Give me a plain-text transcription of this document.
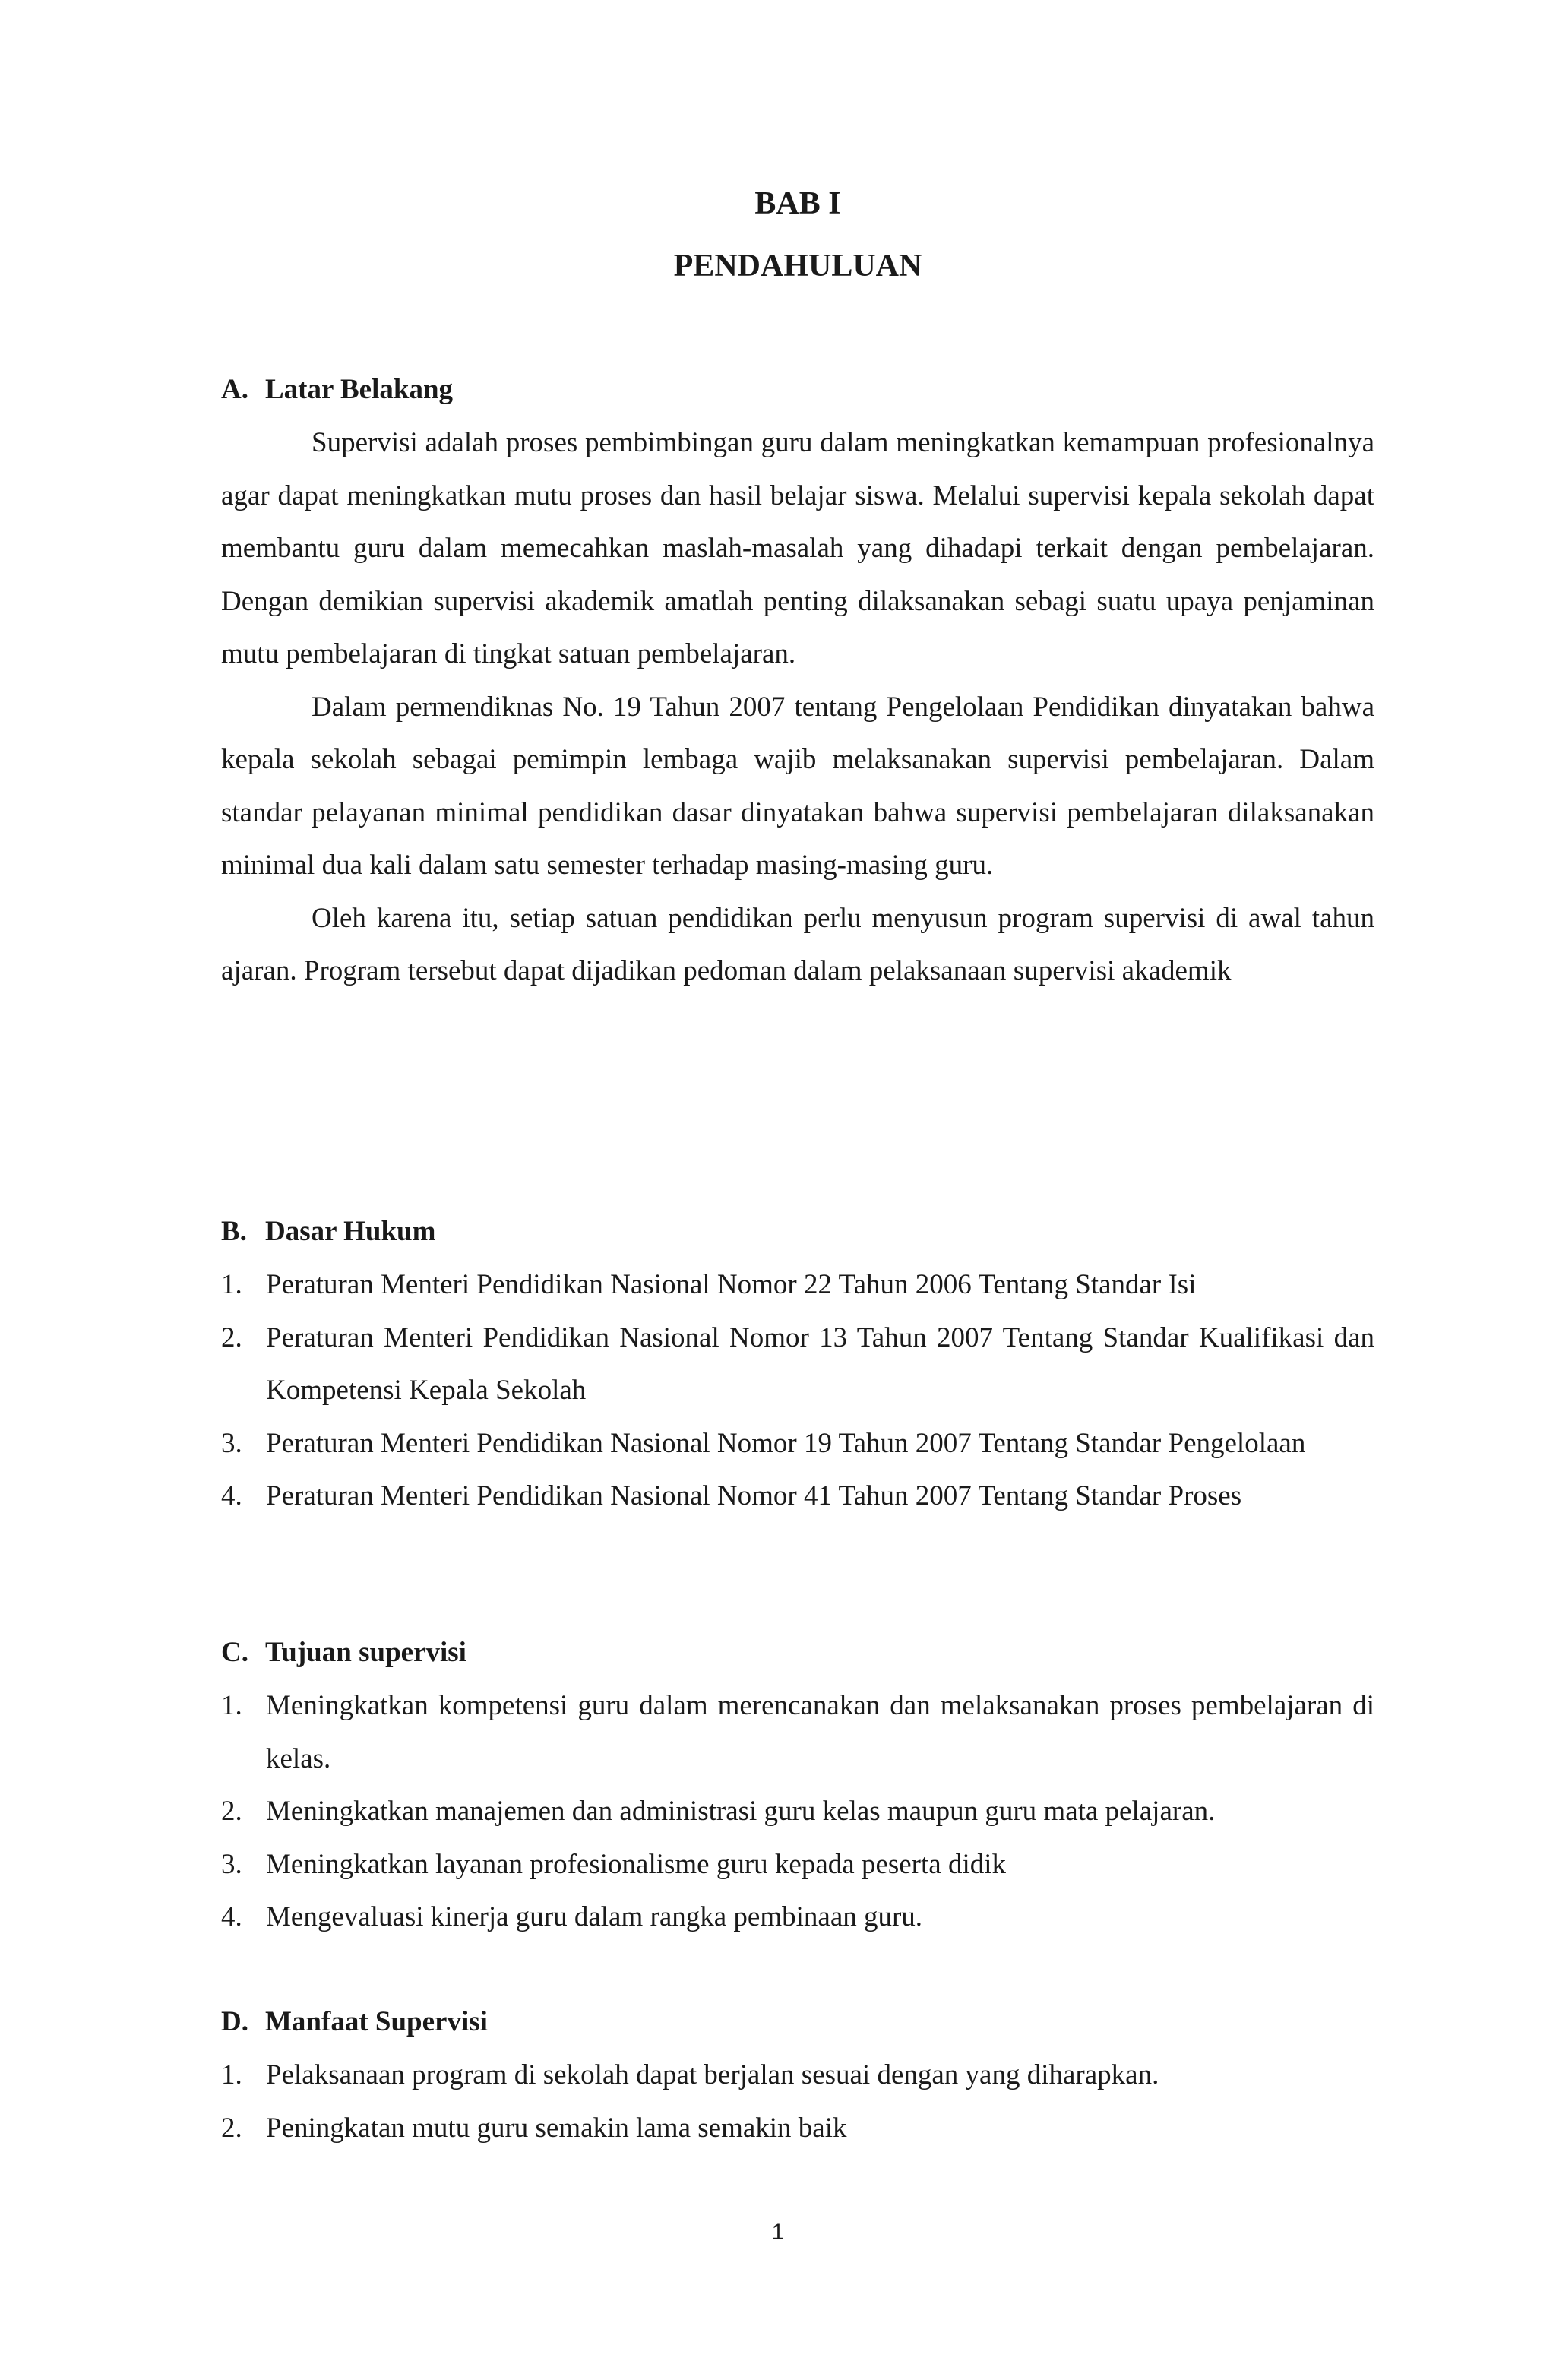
BAB I
PENDAHULUAN
A. Latar Belakang

Supervisi adalah proses pembimbingan guru dalam meningkatkan kemampuan profesionalnya agar dapat meningkatkan mutu proses dan hasil belajar siswa. Melalui supervisi kepala sekolah dapat membantu guru dalam memecahkan maslah-masalah yang dihadapi terkait dengan pembelajaran. Dengan demikian supervisi akademik amatlah penting dilaksanakan sebagi suatu upaya penjaminan mutu pembelajaran di tingkat satuan pembelajaran.

Dalam permendiknas No. 19 Tahun 2007 tentang Pengelolaan Pendidikan dinyatakan bahwa kepala sekolah sebagai pemimpin lembaga wajib melaksanakan supervisi pembelajaran. Dalam standar pelayanan minimal pendidikan dasar dinyatakan bahwa supervisi pembelajaran dilaksanakan minimal dua kali dalam satu semester terhadap masing-masing guru.

Oleh karena itu, setiap satuan pendidikan perlu menyusun program supervisi di awal tahun ajaran. Program tersebut dapat dijadikan pedoman dalam pelaksanaan supervisi akademik

B. Dasar Hukum
1. Peraturan Menteri Pendidikan Nasional Nomor 22 Tahun 2006 Tentang Standar Isi
2. Peraturan Menteri Pendidikan Nasional Nomor 13 Tahun 2007 Tentang Standar Kualifikasi dan Kompetensi Kepala Sekolah
3. Peraturan Menteri Pendidikan Nasional Nomor 19 Tahun 2007 Tentang Standar Pengelolaan
4. Peraturan Menteri Pendidikan Nasional Nomor 41 Tahun 2007 Tentang Standar Proses
C. Tujuan supervisi
1. Meningkatkan kompetensi guru dalam merencanakan dan melaksanakan proses pembelajaran di kelas.
2. Meningkatkan manajemen dan administrasi guru kelas maupun guru mata pelajaran.
3. Meningkatkan layanan profesionalisme guru kepada peserta didik
4. Mengevaluasi kinerja guru dalam rangka pembinaan guru.
D. Manfaat Supervisi
1. Pelaksanaan program di sekolah dapat berjalan sesuai dengan yang diharapkan.
2. Peningkatan mutu guru semakin lama semakin baik
1
